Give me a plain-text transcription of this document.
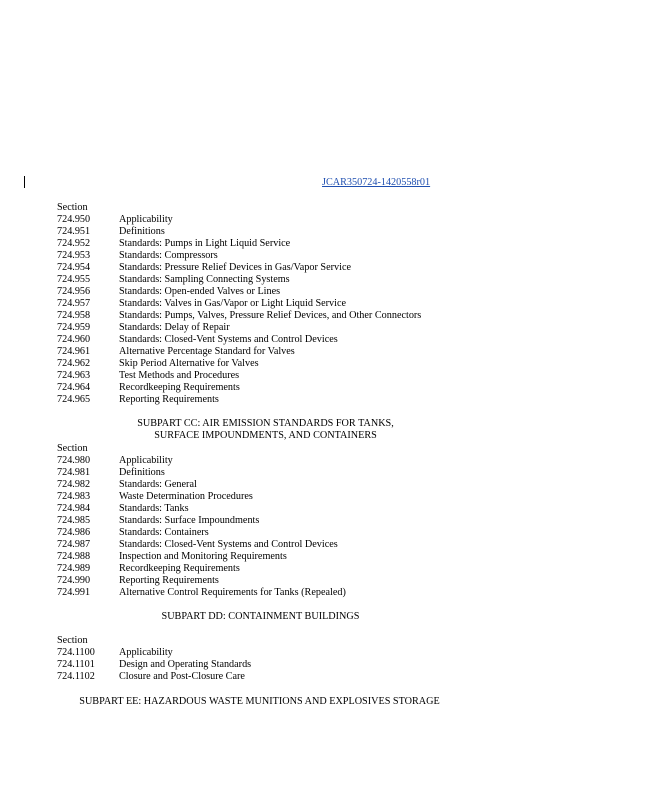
JCAR350724-1420558r01
Section
724.950	Applicability
724.951	Definitions
724.952	Standards: Pumps in Light Liquid Service
724.953	Standards: Compressors
724.954	Standards: Pressure Relief Devices in Gas/Vapor Service
724.955	Standards: Sampling Connecting Systems
724.956	Standards: Open-ended Valves or Lines
724.957	Standards: Valves in Gas/Vapor or Light Liquid Service
724.958	Standards: Pumps, Valves, Pressure Relief Devices, and Other Connectors
724.959	Standards: Delay of Repair
724.960	Standards: Closed-Vent Systems and Control Devices
724.961	Alternative Percentage Standard for Valves
724.962	Skip Period Alternative for Valves
724.963	Test Methods and Procedures
724.964	Recordkeeping Requirements
724.965	Reporting Requirements
SUBPART CC: AIR EMISSION STANDARDS FOR TANKS,
SURFACE IMPOUNDMENTS, AND CONTAINERS
Section
724.980	Applicability
724.981	Definitions
724.982	Standards: General
724.983	Waste Determination Procedures
724.984	Standards: Tanks
724.985	Standards: Surface Impoundments
724.986	Standards: Containers
724.987	Standards: Closed-Vent Systems and Control Devices
724.988	Inspection and Monitoring Requirements
724.989	Recordkeeping Requirements
724.990	Reporting Requirements
724.991	Alternative Control Requirements for Tanks (Repealed)
SUBPART DD: CONTAINMENT BUILDINGS
Section
724.1100	Applicability
724.1101	Design and Operating Standards
724.1102	Closure and Post-Closure Care
SUBPART EE: HAZARDOUS WASTE MUNITIONS AND EXPLOSIVES STORAGE
